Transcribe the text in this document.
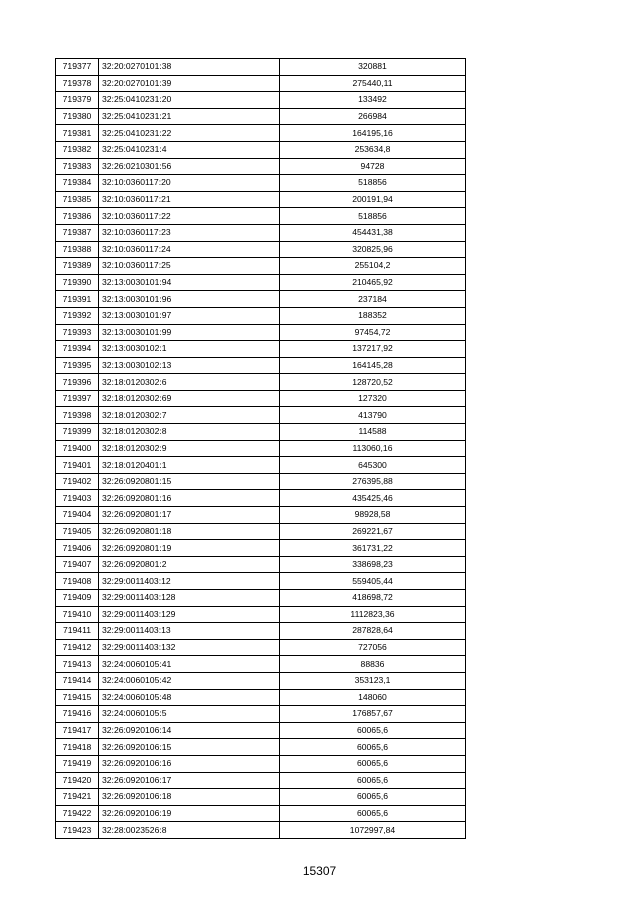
719377	32:20:0270101:38	320881
719378	32:20:0270101:39	275440,11
719379	32:25:0410231:20	133492
719380	32:25:0410231:21	266984
719381	32:25:0410231:22	164195,16
719382	32:25:0410231:4	253634,8
719383	32:26:0210301:56	94728
719384	32:10:0360117:20	518856
719385	32:10:0360117:21	200191,94
719386	32:10:0360117:22	518856
719387	32:10:0360117:23	454431,38
719388	32:10:0360117:24	320825,96
719389	32:10:0360117:25	255104,2
719390	32:13:0030101:94	210465,92
719391	32:13:0030101:96	237184
719392	32:13:0030101:97	188352
719393	32:13:0030101:99	97454,72
719394	32:13:0030102:1	137217,92
719395	32:13:0030102:13	164145,28
719396	32:18:0120302:6	128720,52
719397	32:18:0120302:69	127320
719398	32:18:0120302:7	413790
719399	32:18:0120302:8	114588
719400	32:18:0120302:9	113060,16
719401	32:18:0120401:1	645300
719402	32:26:0920801:15	276395,88
719403	32:26:0920801:16	435425,46
719404	32:26:0920801:17	98928,58
719405	32:26:0920801:18	269221,67
719406	32:26:0920801:19	361731,22
719407	32:26:0920801:2	338698,23
719408	32:29:0011403:12	559405,44
719409	32:29:0011403:128	418698,72
719410	32:29:0011403:129	1112823,36
719411	32:29:0011403:13	287828,64
719412	32:29:0011403:132	727056
719413	32:24:0060105:41	88836
719414	32:24:0060105:42	353123,1
719415	32:24:0060105:48	148060
719416	32:24:0060105:5	176857,67
719417	32:26:0920106:14	60065,6
719418	32:26:0920106:15	60065,6
719419	32:26:0920106:16	60065,6
719420	32:26:0920106:17	60065,6
719421	32:26:0920106:18	60065,6
719422	32:26:0920106:19	60065,6
719423	32:28:0023526:8	1072997,84
15307
